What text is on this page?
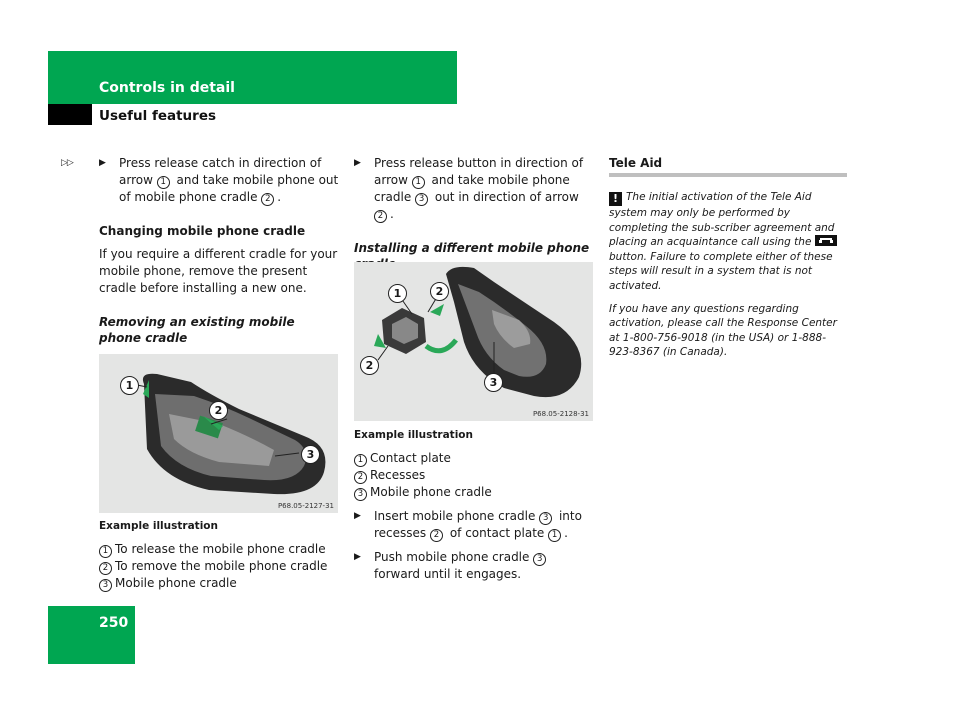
Controls in detail
Useful features

▷▷	▶ Press release catch in direction of arrow 1 and take mobile phone out of mobile phone cradle 2 .

Changing mobile phone cradle

If you require a different cradle for your mobile phone, remove the present cradle before installing a new one.

Removing an existing mobile phone cradle

1
2
3
P68.05-2127-31

Example illustration

1 To release the mobile phone cradle
2 To remove the mobile phone cradle
3 Mobile phone cradle

▶ Press release button in direction of arrow 1 and take mobile phone cradle 3 out in direction of arrow 2 .

Installing a different mobile phone

1	2
2
3
P68.05-2128-31

Example illustration

1 Contact plate
2 Recesses
3 Mobile phone cradle

▶ Insert mobile phone cradle 3 into recesses 2 of contact plate 1 .

▶ Push mobile phone cradle 3 forward until it engages.

Tele Aid

! The initial activation of the Tele Aid system may only be performed by completing the sub-scriber agreement and placing an acquaintance call using the  button. Failure to complete either of these steps will result in a system that is not activated.

If you have any questions regarding activation, please call the Response Center at 1-800-756-9018 (in the USA) or 1-888-923-8367 (in Canada).

250
